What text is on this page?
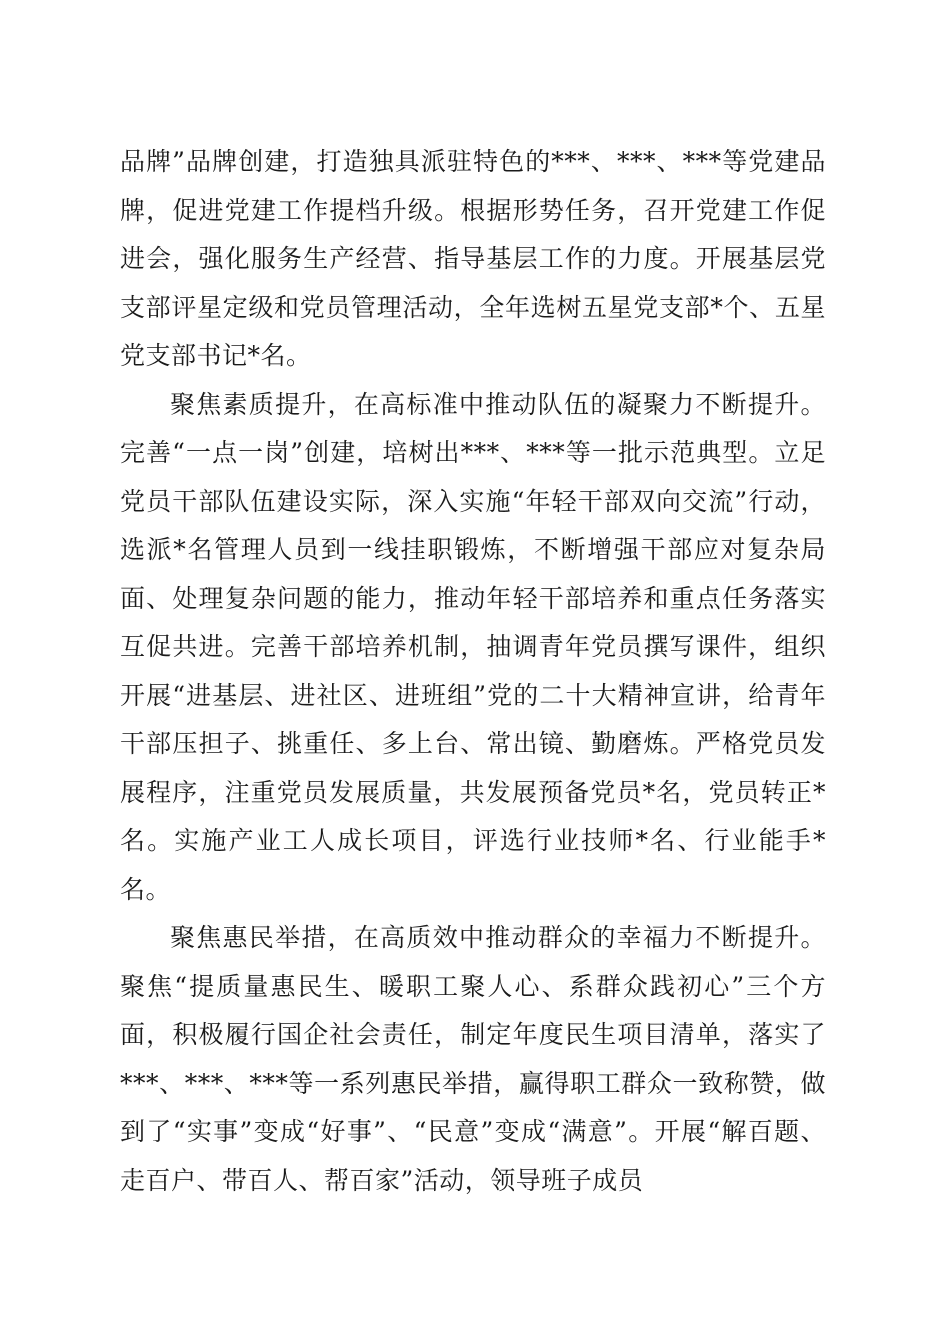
品牌”品牌创建，打造独具派驻特色的***、***、***等党建品牌，促进党建工作提档升级。根据形势任务，召开党建工作促进会，强化服务生产经营、指导基层工作的力度。开展基层党支部评星定级和党员管理活动，全年选树五星党支部*个、五星党支部书记*名。

聚焦素质提升，在高标准中推动队伍的凝聚力不断提升。完善“一点一岗”创建，培树出***、***等一批示范典型。立足党员干部队伍建设实际，深入实施“年轻干部双向交流”行动，选派*名管理人员到一线挂职锻炼，不断增强干部应对复杂局面、处理复杂问题的能力，推动年轻干部培养和重点任务落实互促共进。完善干部培养机制，抽调青年党员撰写课件，组织开展“进基层、进社区、进班组”党的二十大精神宣讲，给青年干部压担子、挑重任、多上台、常出镜、勤磨炼。严格党员发展程序，注重党员发展质量，共发展预备党员*名，党员转正*名。实施产业工人成长项目，评选行业技师*名、行业能手*名。

聚焦惠民举措，在高质效中推动群众的幸福力不断提升。聚焦“提质量惠民生、暖职工聚人心、系群众践初心”三个方面，积极履行国企社会责任，制定年度民生项目清单，落实了***、***、***等一系列惠民举措，赢得职工群众一致称赞，做到了“实事”变成“好事”、“民意”变成“满意”。开展“解百题、走百户、带百人、帮百家”活动，领导班子成员
